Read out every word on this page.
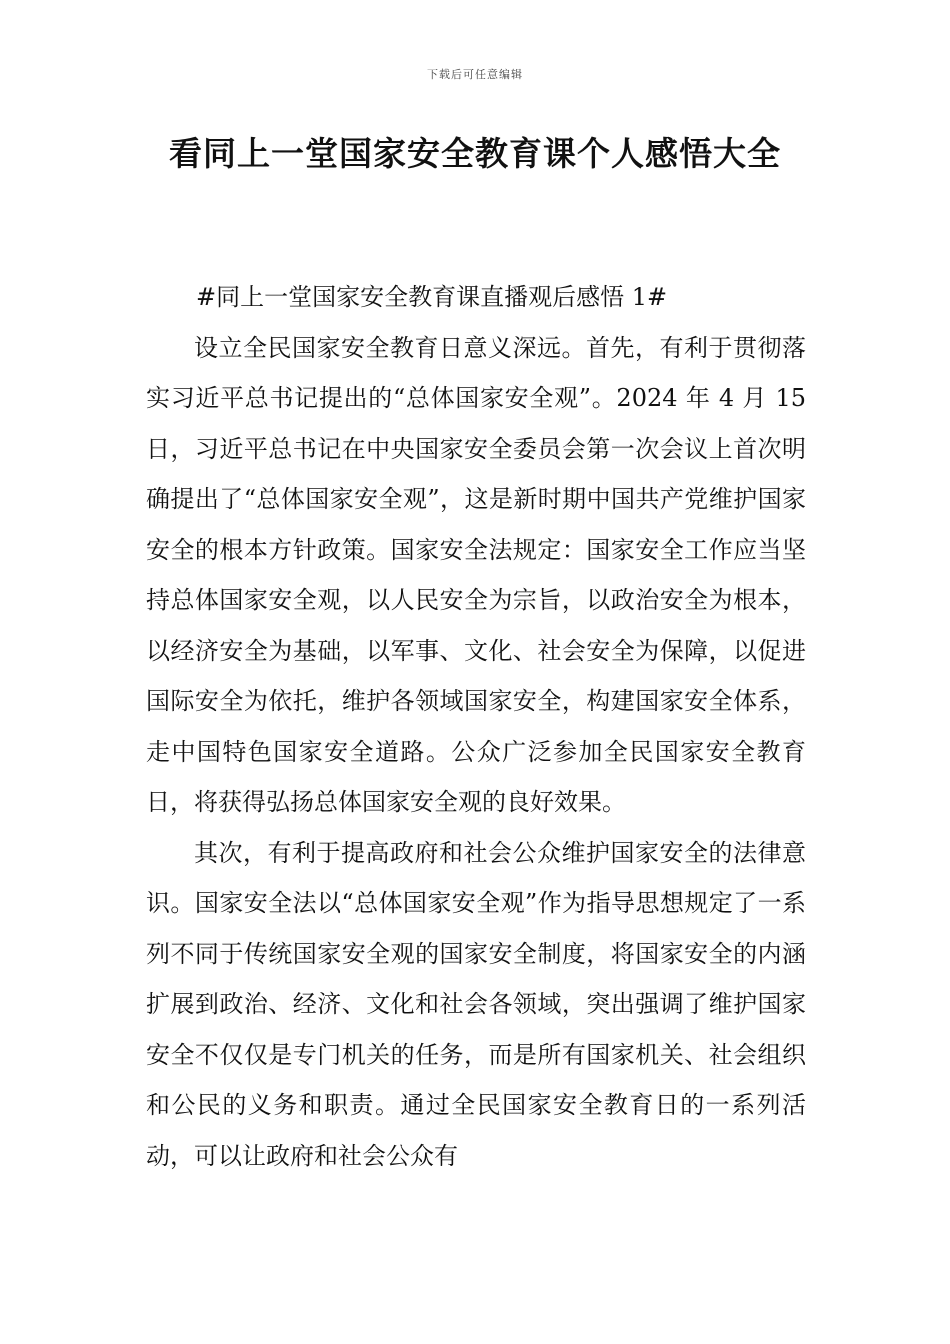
下载后可任意编辑
看同上一堂国家安全教育课个人感悟大全
#同上一堂国家安全教育课直播观后感悟 1#

设立全民国家安全教育日意义深远。首先，有利于贯彻落实习近平总书记提出的“总体国家安全观”。2024 年 4 月 15 日，习近平总书记在中央国家安全委员会第一次会议上首次明确提出了“总体国家安全观”，这是新时期中国共产党维护国家安全的根本方针政策。国家安全法规定：国家安全工作应当坚持总体国家安全观，以人民安全为宗旨，以政治安全为根本，以经济安全为基础，以军事、文化、社会安全为保障，以促进国际安全为依托，维护各领域国家安全，构建国家安全体系，走中国特色国家安全道路。公众广泛参加全民国家安全教育日，将获得弘扬总体国家安全观的良好效果。

其次，有利于提高政府和社会公众维护国家安全的法律意识。国家安全法以“总体国家安全观”作为指导思想规定了一系列不同于传统国家安全观的国家安全制度，将国家安全的内涵扩展到政治、经济、文化和社会各领域，突出强调了维护国家安全不仅仅是专门机关的任务，而是所有国家机关、社会组织和公民的义务和职责。通过全民国家安全教育日的一系列活动，可以让政府和社会公众有
